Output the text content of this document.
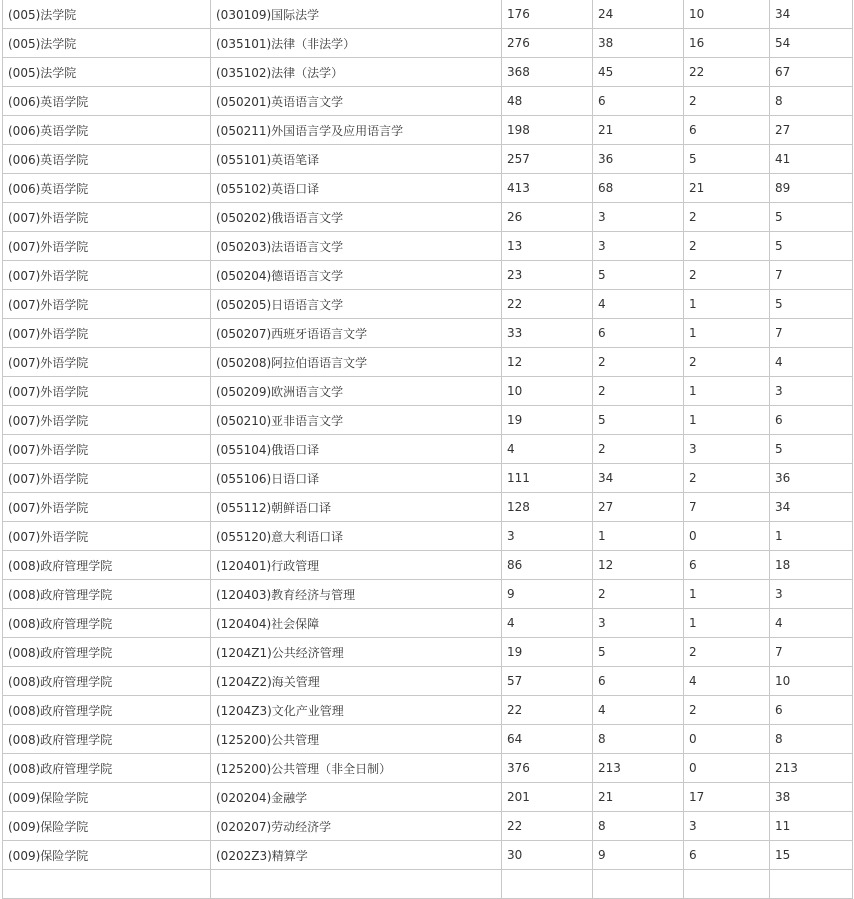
(005)法学院	(030109)国际法学	176	24	10	34
(005)法学院	(035101)法律（非法学）	276	38	16	54
(005)法学院	(035102)法律（法学）	368	45	22	67
(006)英语学院	(050201)英语语言文学	48	6	2	8
(006)英语学院	(050211)外国语言学及应用语言学	198	21	6	27
(006)英语学院	(055101)英语笔译	257	36	5	41
(006)英语学院	(055102)英语口译	413	68	21	89
(007)外语学院	(050202)俄语语言文学	26	3	2	5
(007)外语学院	(050203)法语语言文学	13	3	2	5
(007)外语学院	(050204)德语语言文学	23	5	2	7
(007)外语学院	(050205)日语语言文学	22	4	1	5
(007)外语学院	(050207)西班牙语语言文学	33	6	1	7
(007)外语学院	(050208)阿拉伯语语言文学	12	2	2	4
(007)外语学院	(050209)欧洲语言文学	10	2	1	3
(007)外语学院	(050210)亚非语言文学	19	5	1	6
(007)外语学院	(055104)俄语口译	4	2	3	5
(007)外语学院	(055106)日语口译	111	34	2	36
(007)外语学院	(055112)朝鲜语口译	128	27	7	34
(007)外语学院	(055120)意大利语口译	3	1	0	1
(008)政府管理学院	(120401)行政管理	86	12	6	18
(008)政府管理学院	(120403)教育经济与管理	9	2	1	3
(008)政府管理学院	(120404)社会保障	4	3	1	4
(008)政府管理学院	(1204Z1)公共经济管理	19	5	2	7
(008)政府管理学院	(1204Z2)海关管理	57	6	4	10
(008)政府管理学院	(1204Z3)文化产业管理	22	4	2	6
(008)政府管理学院	(125200)公共管理	64	8	0	8
(008)政府管理学院	(125200)公共管理（非全日制）	376	213	0	213
(009)保险学院	(020204)金融学	201	21	17	38
(009)保险学院	(020207)劳动经济学	22	8	3	11
(009)保险学院	(0202Z3)精算学	30	9	6	15
